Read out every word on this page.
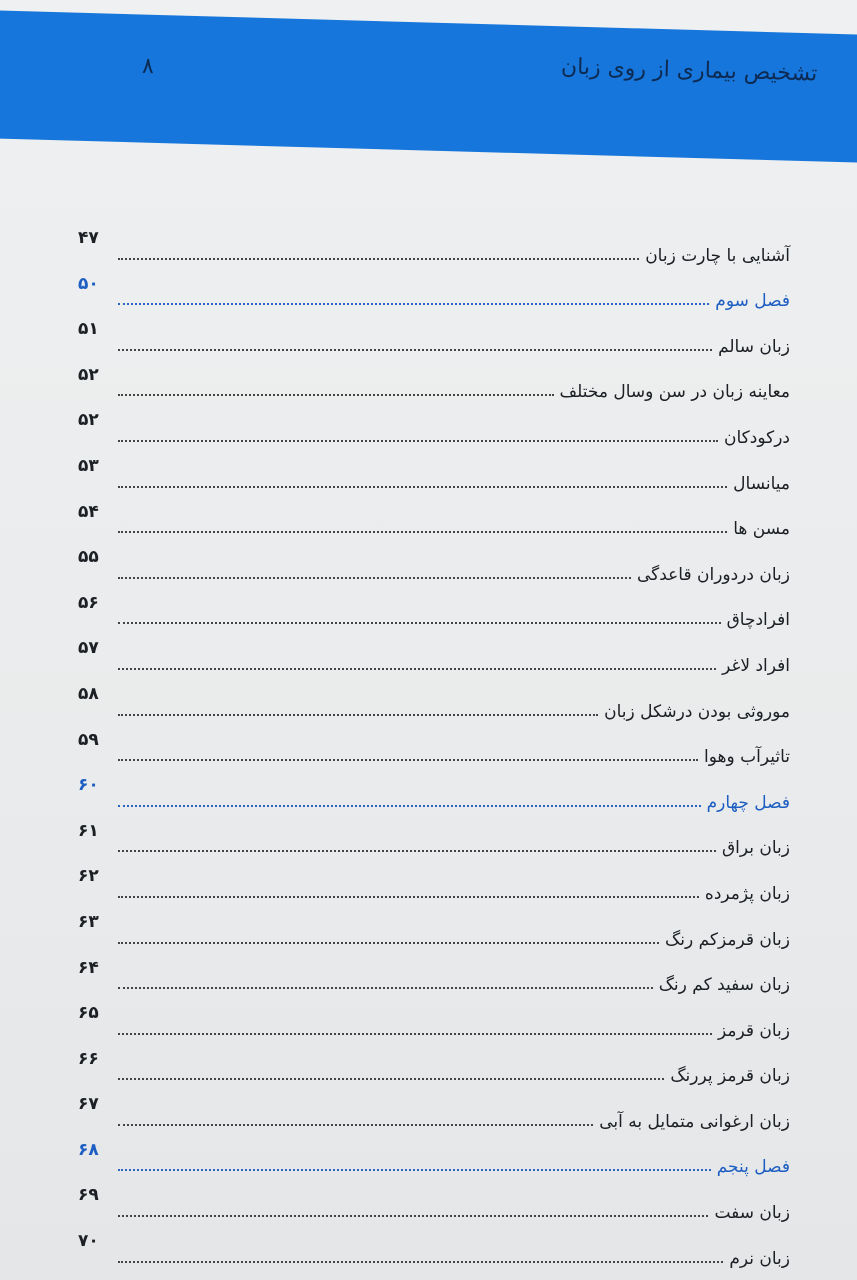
تشخیص بیماری از روی زبان
۸
آشنایی با چارت زبان
۴۷
فصل سوم
۵۰
زبان سالم
۵۱
معاینه زبان در سن وسال مختلف
۵۲
درکودکان
۵۲
میانسال
۵۳
مسن ها
۵۴
زبان دردوران قاعدگی
۵۵
افرادچاق
۵۶
افراد لاغر
۵۷
موروثی بودن درشکل زبان
۵۸
تاثیرآب وهوا
۵۹
فصل چهارم
۶۰
زبان براق
۶۱
زبان پژمرده
۶۲
زبان قرمزکم رنگ
۶۳
زبان سفید کم رنگ
۶۴
زبان قرمز
۶۵
زبان قرمز پررنگ
۶۶
زبان ارغوانی متمایل به آبی
۶۷
فصل پنجم
۶۸
زبان سفت
۶۹
زبان نرم
۷۰
